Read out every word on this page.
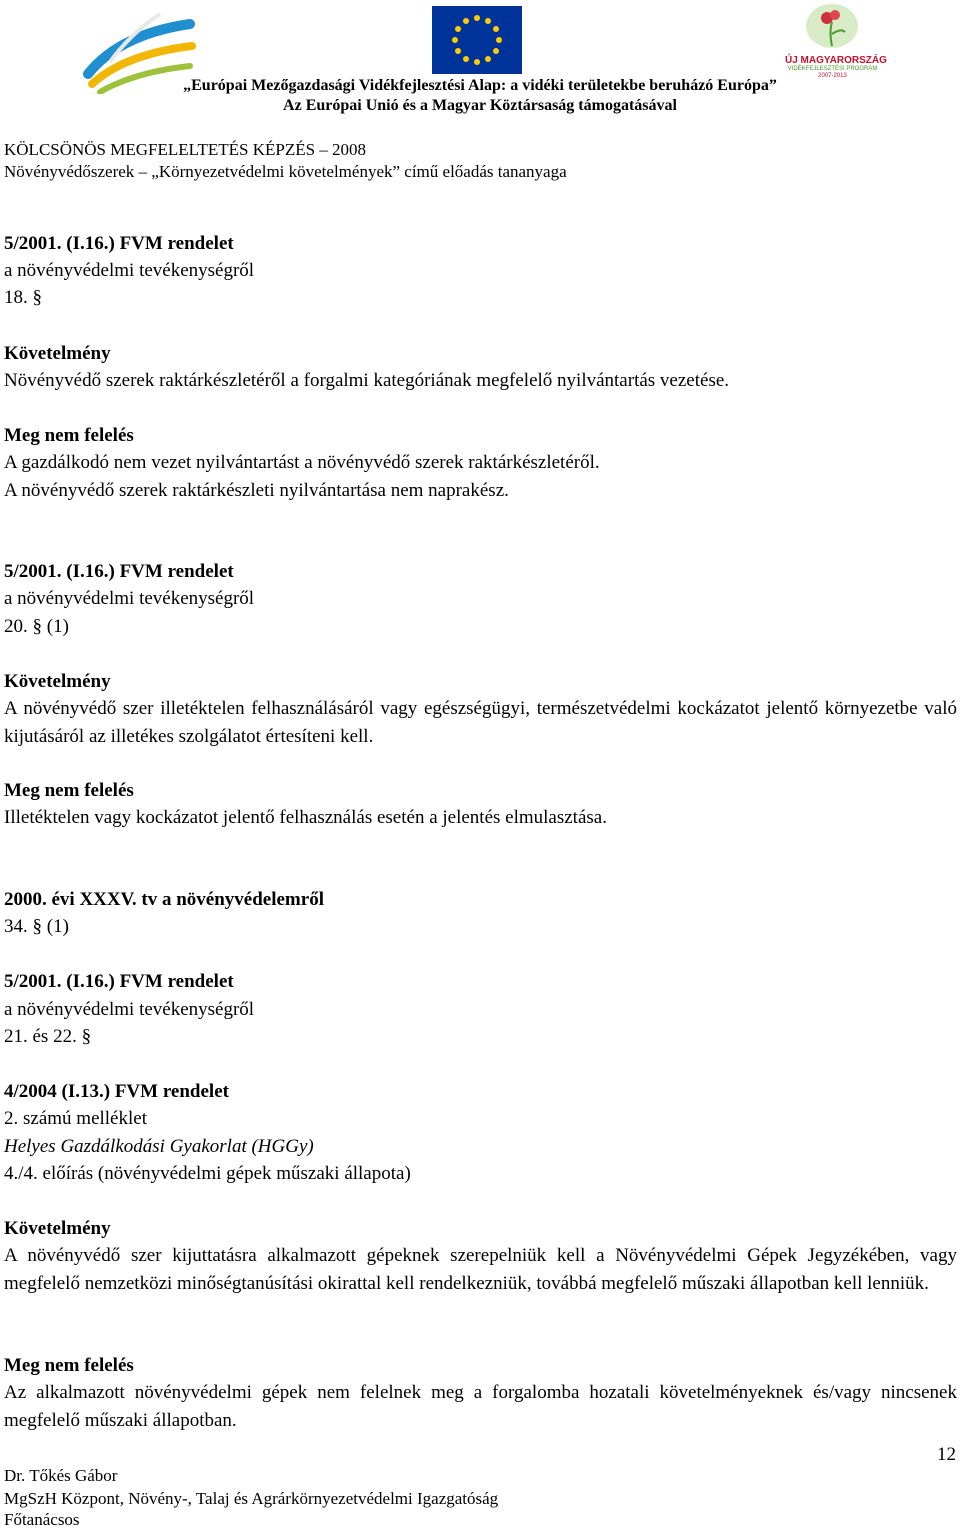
ÚJ MAGYARORSZÁG
VIDÉKFEJLESZTÉSI PROGRAM
2007-2013
„Európai Mezőgazdasági Vidékfejlesztési Alap: a vidéki területekbe beruházó Európa”
Az Európai Unió és a Magyar Köztársaság támogatásával
KÖLCSÖNÖS MEGFELELTETÉS KÉPZÉS – 2008
Növényvédőszerek – „Környezetvédelmi követelmények” című előadás tananyaga
5/2001. (I.16.) FVM rendelet
a növényvédelmi tevékenységről
18. §
Követelmény
Növényvédő szerek raktárkészletéről a forgalmi kategóriának megfelelő nyilvántartás vezetése.
Meg nem felelés
A gazdálkodó nem vezet nyilvántartást a növényvédő szerek raktárkészletéről.
A növényvédő szerek raktárkészleti nyilvántartása nem naprakész.
5/2001. (I.16.) FVM rendelet
a növényvédelmi tevékenységről
20. § (1)
Követelmény
A növényvédő szer illetéktelen felhasználásáról vagy egészségügyi, természetvédelmi kockázatot jelentő környezetbe való kijutásáról az illetékes szolgálatot értesíteni kell.
Meg nem felelés
Illetéktelen vagy kockázatot jelentő felhasználás esetén a jelentés elmulasztása.
2000. évi XXXV. tv a növényvédelemről
34. § (1)
5/2001. (I.16.) FVM rendelet
a növényvédelmi tevékenységről
21. és 22. §
4/2004 (I.13.) FVM rendelet
2. számú melléklet
Helyes Gazdálkodási Gyakorlat (HGGy)
4./4. előírás (növényvédelmi gépek műszaki állapota)
Követelmény
A növényvédő szer kijuttatásra alkalmazott gépeknek szerepelniük kell a Növényvédelmi Gépek Jegyzékében, vagy megfelelő nemzetközi minőségtanúsítási okirattal kell rendelkezniük, továbbá megfelelő műszaki állapotban kell lenniük.
Meg nem felelés
Az alkalmazott növényvédelmi gépek nem felelnek meg a forgalomba hozatali követelményeknek és/vagy nincsenek megfelelő műszaki állapotban.
12
Dr. Tőkés Gábor
MgSzH Központ, Növény-, Talaj és Agrárkörnyezetvédelmi Igazgatóság
Főtanácsos
